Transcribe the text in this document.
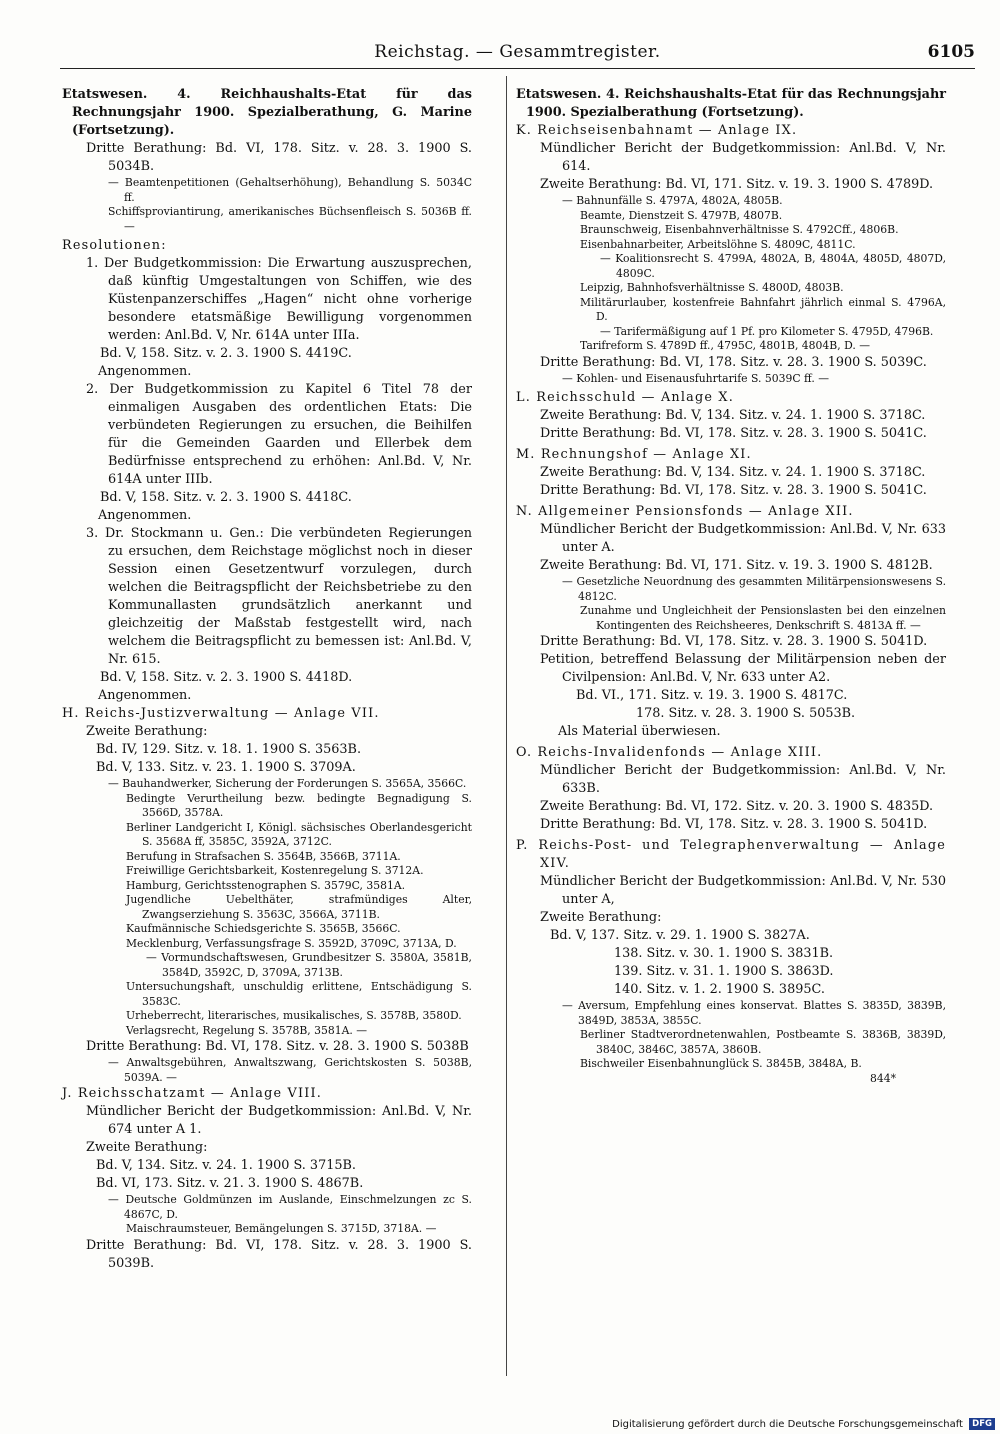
Reichstag. — Gesammtregister.	6105

Etatswesen. 4. Reichhaushalts-Etat für das Rechnungsjahr 1900. Spezialberathung, G. Marine (Fortsetzung).

Dritte Berathung: Bd. VI, 178. Sitz. v. 28. 3. 1900 S. 5034B.

— Beamtenpetitionen (Gehaltserhöhung), Behandlung S. 5034C ff.

Schiffsproviantirung, amerikanisches Büchsenfleisch S. 5036B ff. —

Resolutionen:

1. Der Budgetkommission: Die Erwartung auszusprechen, daß künftig Umgestaltungen von Schiffen, wie des Küstenpanzerschiffes „Hagen“ nicht ohne vorherige besondere etatsmäßige Bewilligung vorgenommen werden: Anl.Bd. V, Nr. 614A unter IIIa.

Bd. V, 158. Sitz. v. 2. 3. 1900 S. 4419C.

Angenommen.

2. Der Budgetkommission zu Kapitel 6 Titel 78 der einmaligen Ausgaben des ordentlichen Etats: Die verbündeten Regierungen zu ersuchen, die Beihilfen für die Gemeinden Gaarden und Ellerbek dem Bedürfnisse entsprechend zu erhöhen: Anl.Bd. V, Nr. 614A unter IIIb.

Bd. V, 158. Sitz. v. 2. 3. 1900 S. 4418C.

Angenommen.

3. Dr. Stockmann u. Gen.: Die verbündeten Regierungen zu ersuchen, dem Reichstage möglichst noch in dieser Session einen Gesetzentwurf vorzulegen, durch welchen die Beitragspflicht der Reichsbetriebe zu den Kommunallasten grundsätzlich anerkannt und gleichzeitig der Maßstab festgestellt wird, nach welchem die Beitragspflicht zu bemessen ist: Anl.Bd. V, Nr. 615.

Bd. V, 158. Sitz. v. 2. 3. 1900 S. 4418D.

Angenommen.

H. Reichs-Justizverwaltung — Anlage VII.

Zweite Berathung:

Bd. IV, 129. Sitz. v. 18. 1. 1900 S. 3563B.

Bd. V, 133. Sitz. v. 23. 1. 1900 S. 3709A.

— Bauhandwerker, Sicherung der Forderungen S. 3565A, 3566C.

Bedingte Verurtheilung bezw. bedingte Begnadigung S. 3566D, 3578A.

Berliner Landgericht I, Königl. sächsisches Oberlandesgericht S. 3568A ff, 3585C, 3592A, 3712C.

Berufung in Strafsachen S. 3564B, 3566B, 3711A.

Freiwillige Gerichtsbarkeit, Kostenregelung S. 3712A.

Hamburg, Gerichtsstenographen S. 3579C, 3581A.

Jugendliche Uebelthäter, strafmündiges Alter, Zwangserziehung S. 3563C, 3566A, 3711B.

Kaufmännische Schiedsgerichte S. 3565B, 3566C.

Mecklenburg, Verfassungsfrage S. 3592D, 3709C, 3713A, D.

— Vormundschaftswesen, Grundbesitzer S. 3580A, 3581B, 3584D, 3592C, D, 3709A, 3713B.

Untersuchungshaft, unschuldig erlittene, Entschädigung S. 3583C.

Urheberrecht, literarisches, musikalisches, S. 3578B, 3580D.

Verlagsrecht, Regelung S. 3578B, 3581A. —

Dritte Berathung: Bd. VI, 178. Sitz. v. 28. 3. 1900 S. 5038B

— Anwaltsgebühren, Anwaltszwang, Gerichtskosten S. 5038B, 5039A. —

J. Reichsschatzamt — Anlage VIII.

Mündlicher Bericht der Budgetkommission: Anl.Bd. V, Nr. 674 unter A 1.

Zweite Berathung:

Bd. V, 134. Sitz. v. 24. 1. 1900 S. 3715B.

Bd. VI, 173. Sitz. v. 21. 3. 1900 S. 4867B.

— Deutsche Goldmünzen im Auslande, Einschmelzungen zc S. 4867C, D.

Maischraumsteuer, Bemängelungen S. 3715D, 3718A. —

Dritte Berathung: Bd. VI, 178. Sitz. v. 28. 3. 1900 S. 5039B.

Etatswesen. 4. Reichshaushalts-Etat für das Rechnungsjahr 1900. Spezialberathung (Fortsetzung).

K. Reichseisenbahnamt — Anlage IX.

Mündlicher Bericht der Budgetkommission: Anl.Bd. V, Nr. 614.

Zweite Berathung: Bd. VI, 171. Sitz. v. 19. 3. 1900 S. 4789D.

— Bahnunfälle S. 4797A, 4802A, 4805B.

Beamte, Dienstzeit S. 4797B, 4807B.

Braunschweig, Eisenbahnverhältnisse S. 4792Cff., 4806B.

Eisenbahnarbeiter, Arbeitslöhne S. 4809C, 4811C.

— Koalitionsrecht S. 4799A, 4802A, B, 4804A, 4805D, 4807D, 4809C.

Leipzig, Bahnhofsverhältnisse S. 4800D, 4803B.

Militärurlauber, kostenfreie Bahnfahrt jährlich einmal S. 4796A, D.

— Tarifermäßigung auf 1 Pf. pro Kilometer S. 4795D, 4796B.

Tarifreform S. 4789D ff., 4795C, 4801B, 4804B, D. —

Dritte Berathung: Bd. VI, 178. Sitz. v. 28. 3. 1900 S. 5039C.

— Kohlen- und Eisenausfuhrtarife S. 5039C ff. —

L. Reichsschuld — Anlage X.

Zweite Berathung: Bd. V, 134. Sitz. v. 24. 1. 1900 S. 3718C.

Dritte Berathung: Bd. VI, 178. Sitz. v. 28. 3. 1900 S. 5041C.

M. Rechnungshof — Anlage XI.

Zweite Berathung: Bd. V, 134. Sitz. v. 24. 1. 1900 S. 3718C.

Dritte Berathung: Bd. VI, 178. Sitz. v. 28. 3. 1900 S. 5041C.

N. Allgemeiner Pensionsfonds — Anlage XII.

Mündlicher Bericht der Budgetkommission: Anl.Bd. V, Nr. 633 unter A.

Zweite Berathung: Bd. VI, 171. Sitz. v. 19. 3. 1900 S. 4812B.

— Gesetzliche Neuordnung des gesammten Militärpensionswesens S. 4812C.

Zunahme und Ungleichheit der Pensionslasten bei den einzelnen Kontingenten des Reichsheeres, Denkschrift S. 4813A ff. —

Dritte Berathung: Bd. VI, 178. Sitz. v. 28. 3. 1900 S. 5041D.

Petition, betreffend Belassung der Militärpension neben der Civilpension: Anl.Bd. V, Nr. 633 unter A2.

Bd. VI., 171. Sitz. v. 19. 3. 1900 S. 4817C.

178. Sitz. v. 28. 3. 1900 S. 5053B.

Als Material überwiesen.

O. Reichs-Invalidenfonds — Anlage XIII.

Mündlicher Bericht der Budgetkommission: Anl.Bd. V, Nr. 633B.

Zweite Berathung: Bd. VI, 172. Sitz. v. 20. 3. 1900 S. 4835D.

Dritte Berathung: Bd. VI, 178. Sitz. v. 28. 3. 1900 S. 5041D.

P. Reichs-Post- und Telegraphenverwaltung — Anlage XIV.

Mündlicher Bericht der Budgetkommission: Anl.Bd. V, Nr. 530 unter A,

Zweite Berathung:

Bd. V, 137. Sitz. v. 29. 1. 1900 S. 3827A.

138. Sitz. v. 30. 1. 1900 S. 3831B.

139. Sitz. v. 31. 1. 1900 S. 3863D.

140. Sitz. v. 1. 2. 1900 S. 3895C.

— Aversum, Empfehlung eines konservat. Blattes S. 3835D, 3839B, 3849D, 3853A, 3855C.

Berliner Stadtverordnetenwahlen, Postbeamte S. 3836B, 3839D, 3840C, 3846C, 3857A, 3860B.

Bischweiler Eisenbahnunglück S. 3845B, 3848A, B.

844*

Digitalisierung gefördert durch die Deutsche Forschungsgemeinschaft DFG
